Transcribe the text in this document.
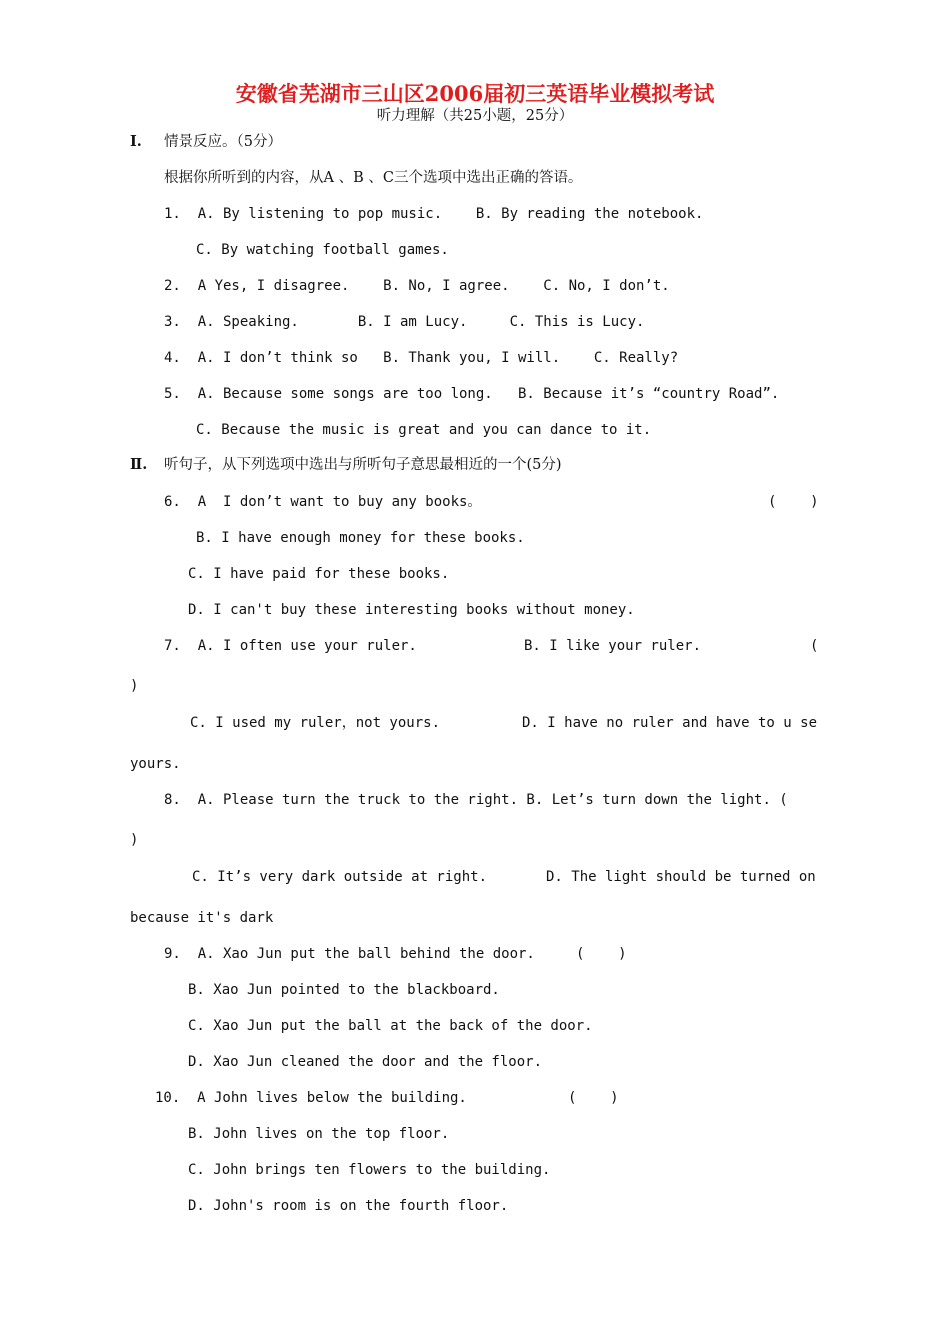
安徽省芜湖市三山区2006届初三英语毕业模拟考试
听力理解（共25小题，25分）
I. 情景反应。（5分）
根据你所听到的内容，从A 、B 、C三个选项中选出正确的答语。
1.  A. By listening to pop music.    B. By reading the notebook.
C. By watching football games.
2.  A Yes, I disagree.    B. No, I agree.    C. No, I don’t.
3.  A. Speaking.       B. I am Lucy.     C. This is Lucy.
4.  A. I don’t think so   B. Thank you, I will.    C. Really?
5.  A. Because some songs are too long.   B. Because it’s “country Road”.
C. Because the music is great and you can dance to it.
Ⅱ. 听句子，从下列选项中选出与所听句子意思最相近的一个(5分)
6.  A  I don’t want to buy any books。	(    )
B. I have enough money for these books.
C. I have paid for these books.
D. I can't buy these interesting books without money.
7.  A. I often use your ruler.	B. I like your ruler.	(
)
C. I used my ruler，not yours.	D. I have no ruler and have to u se
yours.
8.  A. Please turn the truck to the right. B. Let’s turn down the light. (
)
C. It’s very dark outside at right.	D. The light should be turned on
because it's dark
9.  A. Xao Jun put the ball behind the door.	(    )
B. Xao Jun pointed to the blackboard.
C. Xao Jun put the ball at the back of the door.
D. Xao Jun cleaned the door and the floor.
10.  A John lives below the building.	(    )
B. John lives on the top floor.
C. John brings ten flowers to the building.
D. John's room is on the fourth floor.
